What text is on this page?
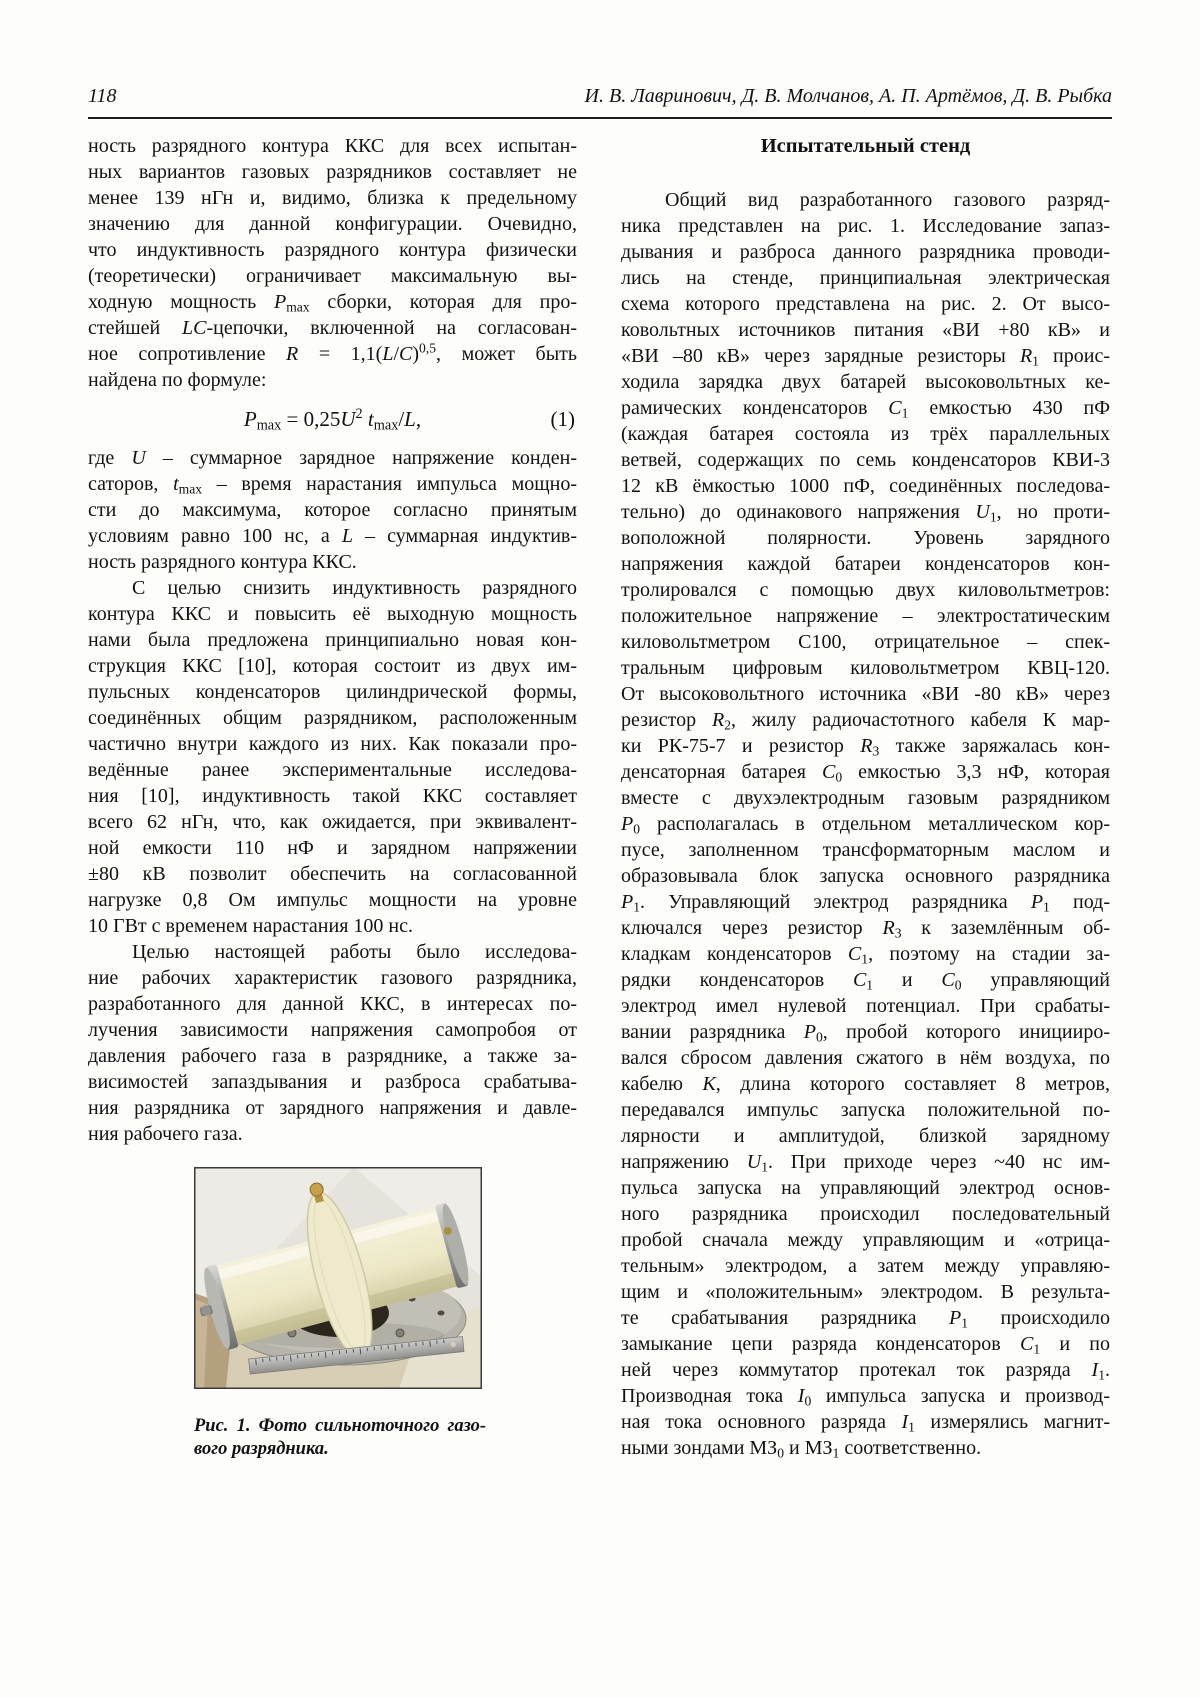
118	И. В. Лавринович, Д. В. Молчанов, А. П. Артёмов, Д. В. Рыбка
ность разрядного контура ККС для всех испытан-
ных вариантов газовых разрядников составляет не
менее 139 нГн и, видимо, близка к предельному
значению для данной конфигурации. Очевидно,
что индуктивность разрядного контура физически
(теоретически) ограничивает максимальную вы-
ходную мощность $P_{max}$ сборки, которая для про-
стейшей LC-цепочки, включенной на согласован-
ное сопротивление $R = 1,1(L/C)^{0,5}$, может быть
найдена по формуле:
$P_{max} = 0,25U^2$ $t_{max}/L$,	(1)
где U – суммарное зарядное напряжение конден-
саторов, $t_{max}$ – время нарастания импульса мощно-
сти до максимума, которое согласно принятым
условиям равно 100 нс, а L – суммарная индуктив-
ность разрядного контура ККС.
С целью снизить индуктивность разрядного
контура ККС и повысить её выходную мощность
нами была предложена принципиально новая кон-
струкция ККС [10], которая состоит из двух им-
пульсных конденсаторов цилиндрической формы,
соединённых общим разрядником, расположенным
частично внутри каждого из них. Как показали про-
ведённые ранее экспериментальные исследова-
ния [10], индуктивность такой ККС составляет
всего 62 нГн, что, как ожидается, при эквивалент-
ной емкости 110 нФ и зарядном напряжении
±80 кВ позволит обеспечить на согласованной
нагрузке 0,8 Ом импульс мощности на уровне
10 ГВт с временем нарастания 100 нс.
Целью настоящей работы было исследова-
ние рабочих характеристик газового разрядника,
разработанного для данной ККС, в интересах по-
лучения зависимости напряжения самопробоя от
давления рабочего газа в разряднике, а также за-
висимостей запаздывания и разброса срабатыва-
ния разрядника от зарядного напряжения и давле-
ния рабочего газа.
Рис. 1. Фото сильноточного газо-
вого разрядника.
Испытательный стенд
Общий вид разработанного газового разряд-
ника представлен на рис. 1. Исследование запаз-
дывания и разброса данного разрядника проводи-
лись на стенде, принципиальная электрическая
схема которого представлена на рис. 2. От высо-
ковольтных источников питания «ВИ +80 кВ» и
«ВИ –80 кВ» через зарядные резисторы $R_1$ проис-
ходила зарядка двух батарей высоковольтных ке-
рамических конденсаторов $C_1$ емкостью 430 пФ
(каждая батарея состояла из трёх параллельных
ветвей, содержащих по семь конденсаторов КВИ-3
12 кВ ёмкостью 1000 пФ, соединённых последова-
тельно) до одинакового напряжения $U_1$, но проти-
воположной полярности. Уровень зарядного
напряжения каждой батареи конденсаторов кон-
тролировался с помощью двух киловольтметров:
положительное напряжение – электростатическим
киловольтметром С100, отрицательное – спек-
тральным цифровым киловольтметром КВЦ-120.
От высоковольтного источника «ВИ -80 кВ» через
резистор $R_2$, жилу радиочастотного кабеля К мар-
ки РК-75-7 и резистор $R_3$ также заряжалась кон-
денсаторная батарея $C_0$ емкостью 3,3 нФ, которая
вместе с двухэлектродным газовым разрядником
$P_0$ располагалась в отдельном металлическом кор-
пусе, заполненном трансформаторным маслом и
образовывала блок запуска основного разрядника
$P_1$. Управляющий электрод разрядника $P_1$ под-
ключался через резистор $R_3$ к заземлённым об-
кладкам конденсаторов $C_1$, поэтому на стадии за-
рядки конденсаторов $C_1$ и $C_0$ управляющий
электрод имел нулевой потенциал. При срабаты-
вании разрядника $P_0$, пробой которого иницииро-
вался сбросом давления сжатого в нём воздуха, по
кабелю K, длина которого составляет 8 метров,
передавался импульс запуска положительной по-
лярности и амплитудой, близкой зарядному
напряжению $U_1$. При приходе через ~40 нс им-
пульса запуска на управляющий электрод основ-
ного разрядника происходил последовательный
пробой сначала между управляющим и «отрица-
тельным» электродом, а затем между управляю-
щим и «положительным» электродом. В результа-
те срабатывания разрядника $P_1$ происходило
замыкание цепи разряда конденсаторов $C_1$ и по
ней через коммутатор протекал ток разряда $I_1$.
Производная тока $I_0$ импульса запуска и производ-
ная тока основного разряда $I_1$ измерялись магнит-
ными зондами $МЗ_0$ и $МЗ_1$ соответственно.
